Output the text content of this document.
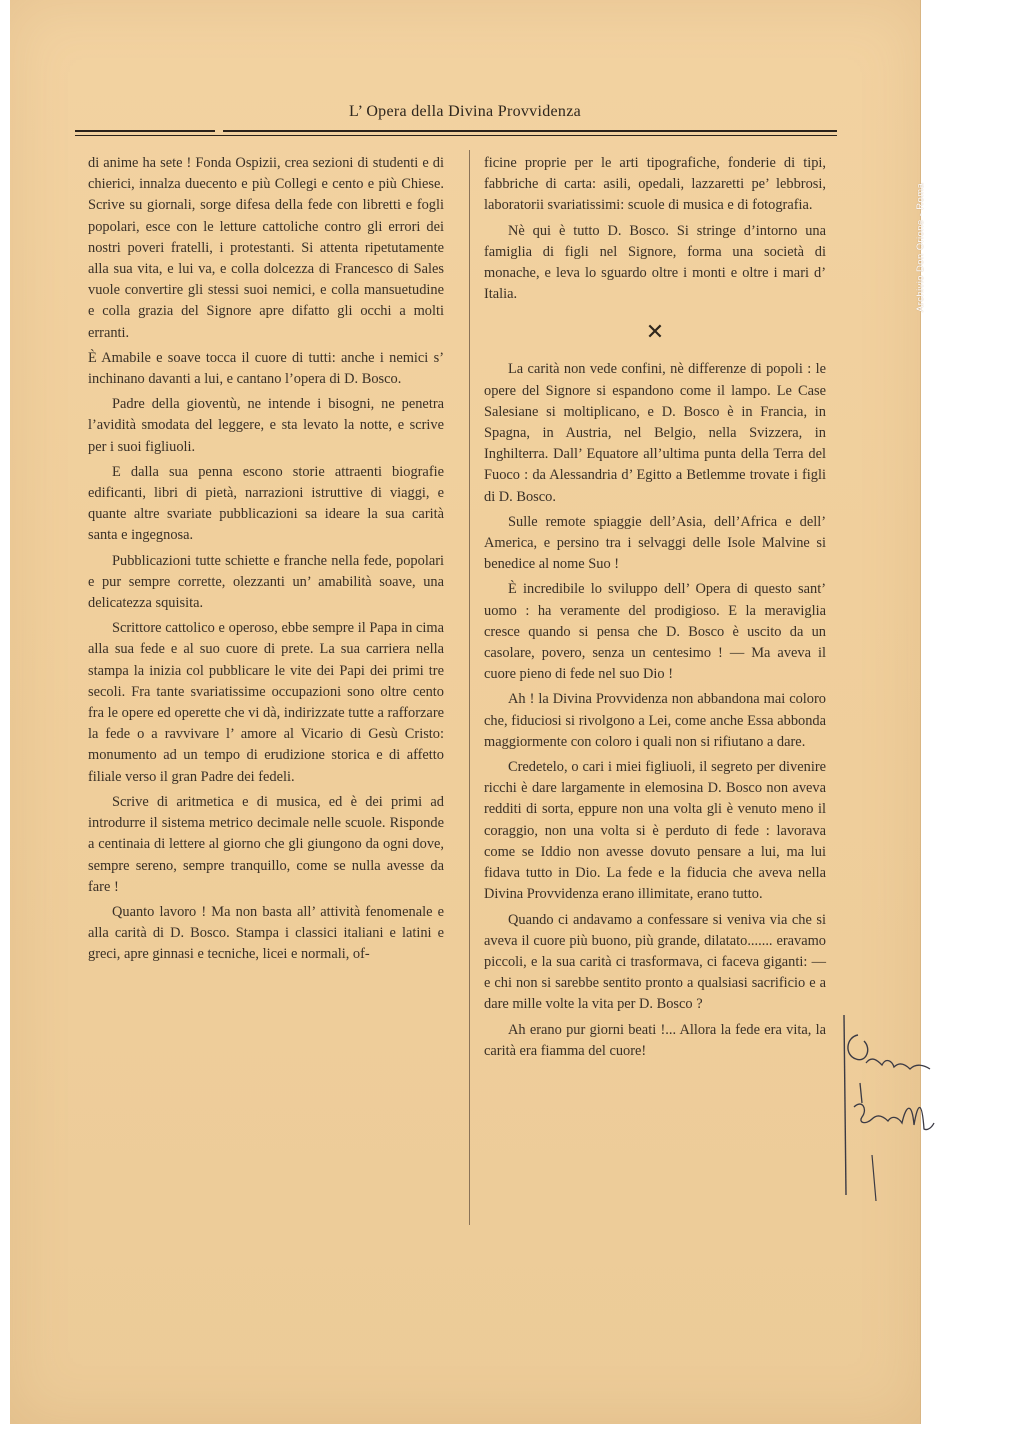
L’ Opera della Divina Provvidenza

di anime ha sete ! Fonda Ospizii, crea sezioni di studenti e di chierici, innalza duecento e più Collegi e cento e più Chiese. Scrive su giornali, sorge difesa della fede con libretti e fogli popolari, esce con le letture cattoliche contro gli errori dei nostri poveri fratelli, i protestanti. Si attenta ripetutamente alla sua vita, e lui va, e colla dolcezza di Francesco di Sales vuole convertire gli stessi suoi nemici, e colla mansuetudine e colla grazia del Signore apre difatto gli occhi a molti erranti.

È Amabile e soave tocca il cuore di tutti: anche i nemici s’ inchinano davanti a lui, e cantano l’opera di D. Bosco.

Padre della gioventù, ne intende i bisogni, ne penetra l’avidità smodata del leggere, e sta levato la notte, e scrive per i suoi figliuoli.

E dalla sua penna escono storie attraenti biografie edificanti, libri di pietà, narrazioni istruttive di viaggi, e quante altre svariate pubblicazioni sa ideare la sua carità santa e ingegnosa.

Pubblicazioni tutte schiette e franche nella fede, popolari e pur sempre corrette, olezzanti un’ amabilità soave, una delicatezza squisita.

Scrittore cattolico e operoso, ebbe sempre il Papa in cima alla sua fede e al suo cuore di prete. La sua carriera nella stampa la inizia col pubblicare le vite dei Papi dei primi tre secoli. Fra tante svariatissime occupazioni sono oltre cento fra le opere ed operette che vi dà, indirizzate tutte a rafforzare la fede o a ravvivare l’ amore al Vicario di Gesù Cristo: monumento ad un tempo di erudizione storica e di affetto filiale verso il gran Padre dei fedeli.

Scrive di aritmetica e di musica, ed è dei primi ad introdurre il sistema metrico decimale nelle scuole. Risponde a centinaia di lettere al giorno che gli giungono da ogni dove, sempre sereno, sempre tranquillo, come se nulla avesse da fare !

Quanto lavoro ! Ma non basta all’ attività fenomenale e alla carità di D. Bosco. Stampa i classici italiani e latini e greci, apre ginnasi e tecniche, licei e normali, of-

ficine proprie per le arti tipografiche, fonderie di tipi, fabbriche di carta: asili, opedali, lazzaretti pe’ lebbrosi, laboratorii svariatissimi: scuole di musica e di fotografia.

Nè qui è tutto D. Bosco. Si stringe d’intorno una famiglia di figli nel Signore, forma una società di monache, e leva lo sguardo oltre i monti e oltre i mari d’ Italia.

✕

La carità non vede confini, nè differenze di popoli : le opere del Signore si espandono come il lampo. Le Case Salesiane si moltiplicano, e D. Bosco è in Francia, in Spagna, in Austria, nel Belgio, nella Svizzera, in Inghilterra. Dall’ Equatore all’ultima punta della Terra del Fuoco : da Alessandria d’ Egitto a Betlemme trovate i figli di D. Bosco.

Sulle remote spiaggie dell’Asia, dell’Africa e dell’ America, e persino tra i selvaggi delle Isole Malvine si benedice al nome Suo !

È incredibile lo sviluppo dell’ Opera di questo sant’ uomo : ha veramente del prodigioso. E la meraviglia cresce quando si pensa che D. Bosco è uscito da un casolare, povero, senza un centesimo ! — Ma aveva il cuore pieno di fede nel suo Dio !

Ah ! la Divina Provvidenza non abbandona mai coloro che, fiduciosi si rivolgono a Lei, come anche Essa abbonda maggiormente con coloro i quali non si rifiutano a dare.

Credetelo, o cari i miei figliuoli, il segreto per divenire ricchi è dare largamente in elemosina D. Bosco non aveva redditi di sorta, eppure non una volta gli è venuto meno il coraggio, non una volta si è perduto di fede : lavorava come se Iddio non avesse dovuto pensare a lui, ma lui fidava tutto in Dio. La fede e la fiducia che aveva nella Divina Provvidenza erano illimitate, erano tutto.

Quando ci andavamo a confessare si veniva via che si aveva il cuore più buono, più grande, dilatato....... eravamo piccoli, e la sua carità ci trasformava, ci faceva giganti: — e chi non si sarebbe sentito pronto a qualsiasi sacrificio e a dare mille volte la vita per D. Bosco ?

Ah erano pur giorni beati !... Allora la fede era vita, la carità era fiamma del cuore!

Archivio Don Orione - Roma
